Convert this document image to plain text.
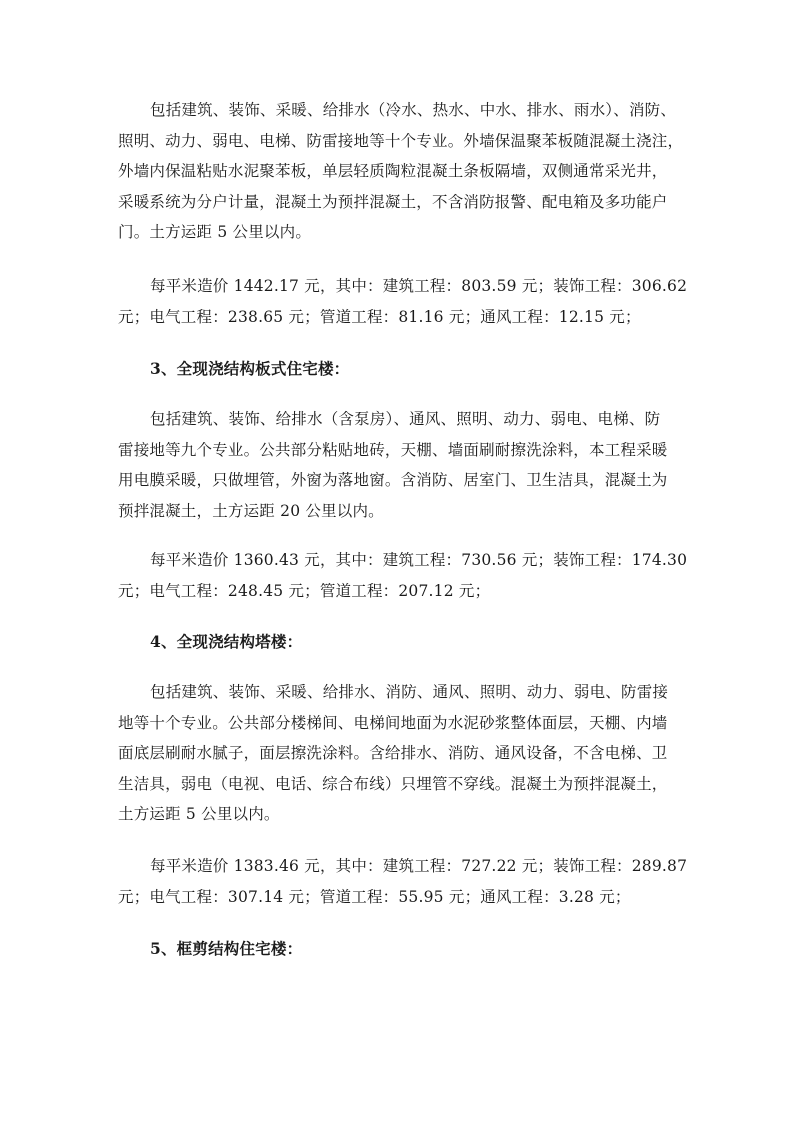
包括建筑、装饰、采暖、给排水（冷水、热水、中水、排水、雨水）、消防、
照明、动力、弱电、电梯、防雷接地等十个专业。外墙保温聚苯板随混凝土浇注，
外墙内保温粘贴水泥聚苯板，单层轻质陶粒混凝土条板隔墙，双侧通常采光井，
采暖系统为分户计量，混凝土为预拌混凝土，不含消防报警、配电箱及多功能户
门。土方运距 5 公里以内。
每平米造价 1442.17 元，其中：建筑工程：803.59 元；装饰工程：306.62
元；电气工程：238.65 元；管道工程：81.16 元；通风工程：12.15 元；
3、全现浇结构板式住宅楼：
包括建筑、装饰、给排水（含泵房）、通风、照明、动力、弱电、电梯、防
雷接地等九个专业。公共部分粘贴地砖，天棚、墙面刷耐擦洗涂料，本工程采暖
用电膜采暖，只做埋管，外窗为落地窗。含消防、居室门、卫生洁具，混凝土为
预拌混凝土，土方运距 20 公里以内。
每平米造价 1360.43 元，其中：建筑工程：730.56 元；装饰工程：174.30
元；电气工程：248.45 元；管道工程：207.12 元；
4、全现浇结构塔楼：
包括建筑、装饰、采暖、给排水、消防、通风、照明、动力、弱电、防雷接
地等十个专业。公共部分楼梯间、电梯间地面为水泥砂浆整体面层，天棚、内墙
面底层刷耐水腻子，面层擦洗涂料。含给排水、消防、通风设备，不含电梯、卫
生洁具，弱电（电视、电话、综合布线）只埋管不穿线。混凝土为预拌混凝土，
土方运距 5 公里以内。
每平米造价 1383.46 元，其中：建筑工程：727.22 元；装饰工程：289.87
元；电气工程：307.14 元；管道工程：55.95 元；通风工程：3.28 元；
5、框剪结构住宅楼：
